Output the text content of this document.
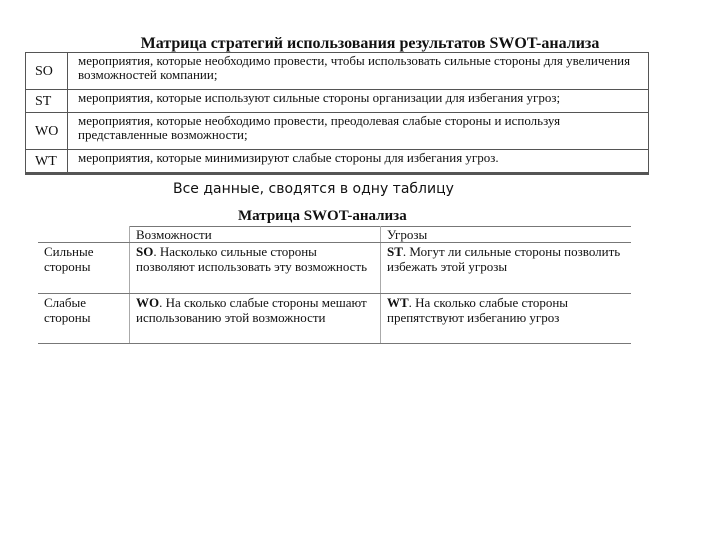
Матрица стратегий использования результатов SWOT-анализа
SO	мероприятия, которые необходимо провести, чтобы использовать сильные стороны для увеличения возможностей компании;
ST	мероприятия, которые используют сильные стороны организации для избегания угроз;
WO	мероприятия, которые необходимо провести, преодолевая слабые стороны и используя представленные возможности;
WT	мероприятия, которые минимизируют слабые стороны для избегания угроз.
Все данные, сводятся в одну таблицу
Матрица SWOT-анализа
	Возможности	Угрозы
Сильные стороны	SO. Насколько сильные стороны позволяют использовать эту возможность	ST. Могут ли сильные стороны позволить избежать этой угрозы
Слабые стороны	WO. На сколько слабые стороны мешают использованию этой возможности	WT. На сколько слабые стороны препятствуют избеганию угроз
